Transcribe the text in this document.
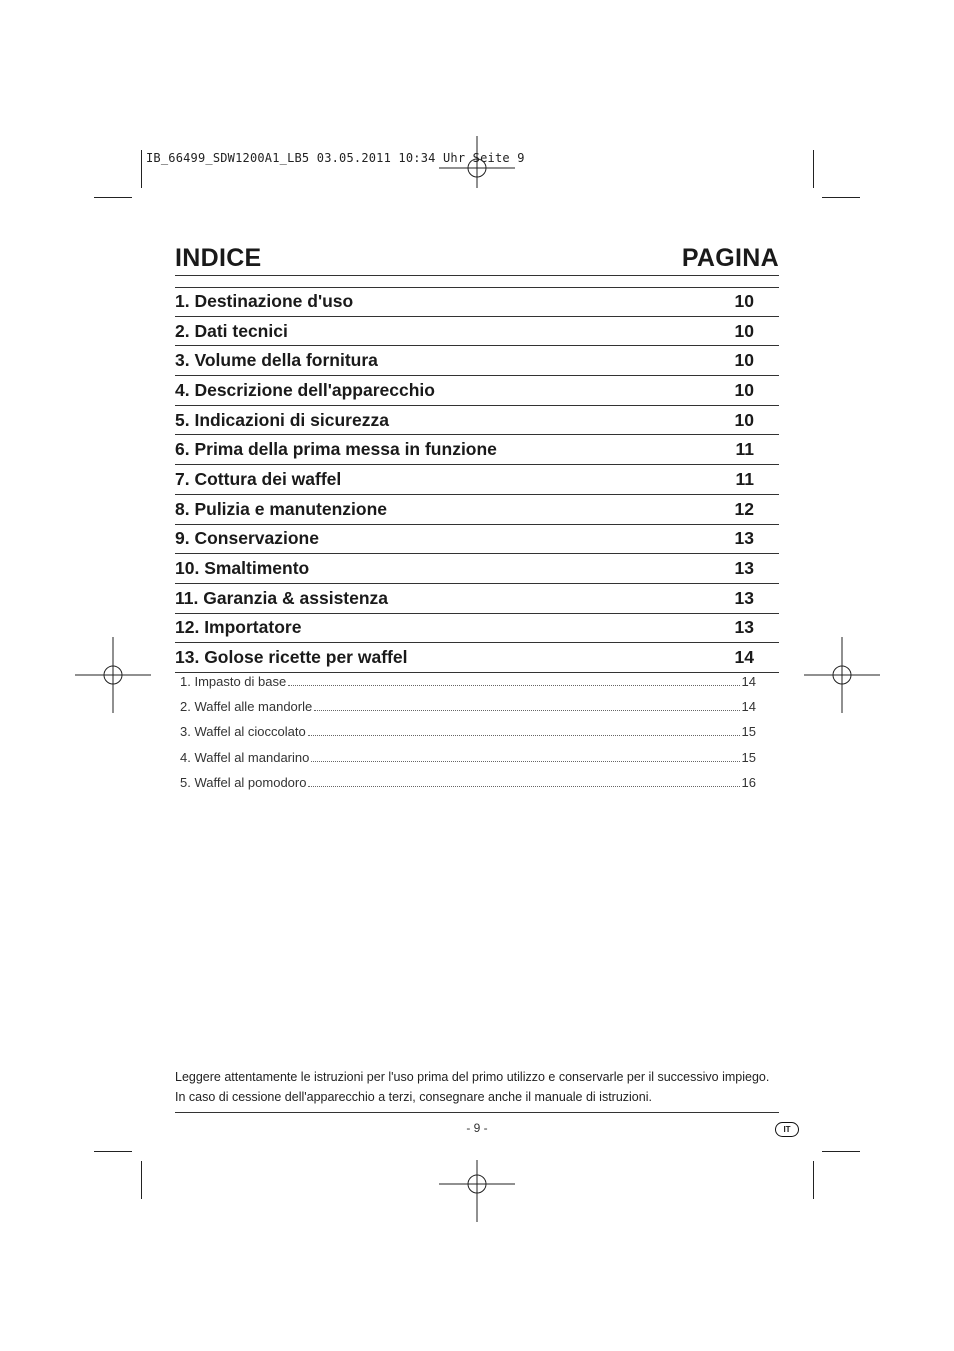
IB_66499_SDW1200A1_LB5 03.05.2011 10:34 Uhr Seite 9
INDICE	PAGINA
1. Destinazione d'uso	10
2. Dati tecnici	10
3. Volume della fornitura	10
4. Descrizione dell'apparecchio	10
5. Indicazioni di sicurezza	10
6. Prima della prima messa in funzione	11
7. Cottura dei waffel	11
8. Pulizia e manutenzione	12
9. Conservazione	13
10. Smaltimento	13
11. Garanzia & assistenza	13
12. Importatore	13
13. Golose ricette per waffel	14
1. Impasto di base	14
2. Waffel alle mandorle	14
3. Waffel al cioccolato	15
4. Waffel al mandarino	15
5. Waffel al pomodoro	16
Leggere attentamente le istruzioni per l'uso prima del primo utilizzo e conservarle per il successivo impiego.
In caso di cessione dell'apparecchio a terzi, consegnare anche il manuale di istruzioni.
- 9 -	IT
